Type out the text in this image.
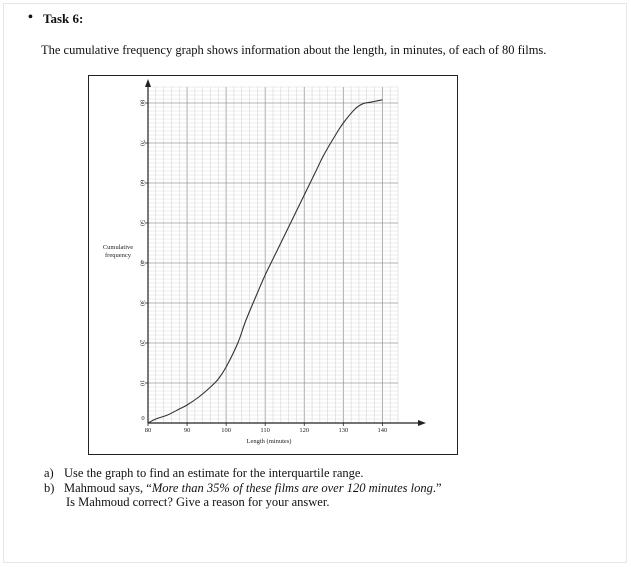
• Task 6:
The cumulative frequency graph shows information about the length, in minutes, of each of 80 films.
80	90	100	110	120	130	140
10
20
30
40
50
60
70
80
0
Length (minutes)
Cumulative
frequency
a) Use the graph to find an estimate for the interquartile range.
b) Mahmoud says, “More than 35% of these films are over 120 minutes long.”
Is Mahmoud correct? Give a reason for your answer.
